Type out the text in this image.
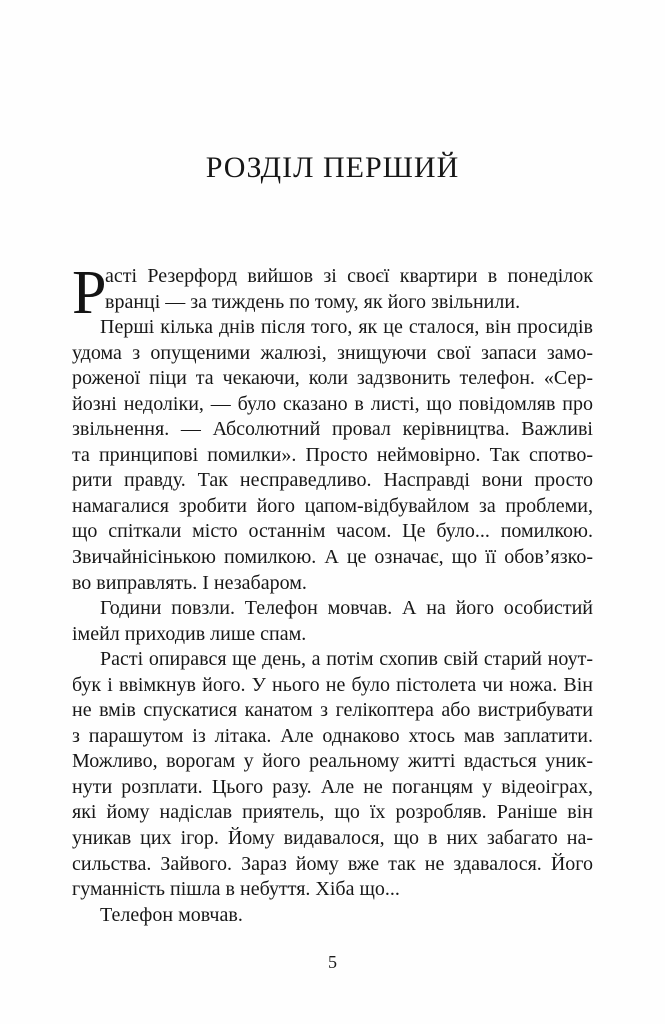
РОЗДІЛ ПЕРШИЙ
Р
асті Резерфорд вийшов зі своєї квартири в понеділок
вранці — за тиждень по тому, як його звільнили.
Перші кілька днів після того, як це сталося, він просидів
удома з опущеними жалюзі, знищуючи свої запаси замо-
роженої піци та чекаючи, коли задзвонить телефон. «Сер-
йозні недоліки, — було сказано в листі, що повідомляв про
звільнення. — Абсолютний провал керівництва. Важливі
та принципові помилки». Просто неймовірно. Так спотво-
рити правду. Так несправедливо. Насправді вони просто
намагалися зробити його цапом-відбувайлом за проблеми,
що спіткали місто останнім часом. Це було... помилкою.
Звичайнісінькою помилкою. А це означає, що її обов’язко-
во виправлять. І незабаром.
Години повзли. Телефон мовчав. А на його особистий
імейл приходив лише спам.
Расті опирався ще день, а потім схопив свій старий ноут-
бук і ввімкнув його. У нього не було пістолета чи ножа. Він
не вмів спускатися канатом з гелікоптера або вистрибувати
з парашутом із літака. Але однаково хтось мав заплатити.
Можливо, ворогам у його реальному житті вдасться уник-
нути розплати. Цього разу. Але не поганцям у відеоіграх,
які йому надіслав приятель, що їх розробляв. Раніше він
уникав цих ігор. Йому видавалося, що в них забагато на-
сильства. Зайвого. Зараз йому вже так не здавалося. Його
гуманність пішла в небуття. Хіба що...
Телефон мовчав.
5
